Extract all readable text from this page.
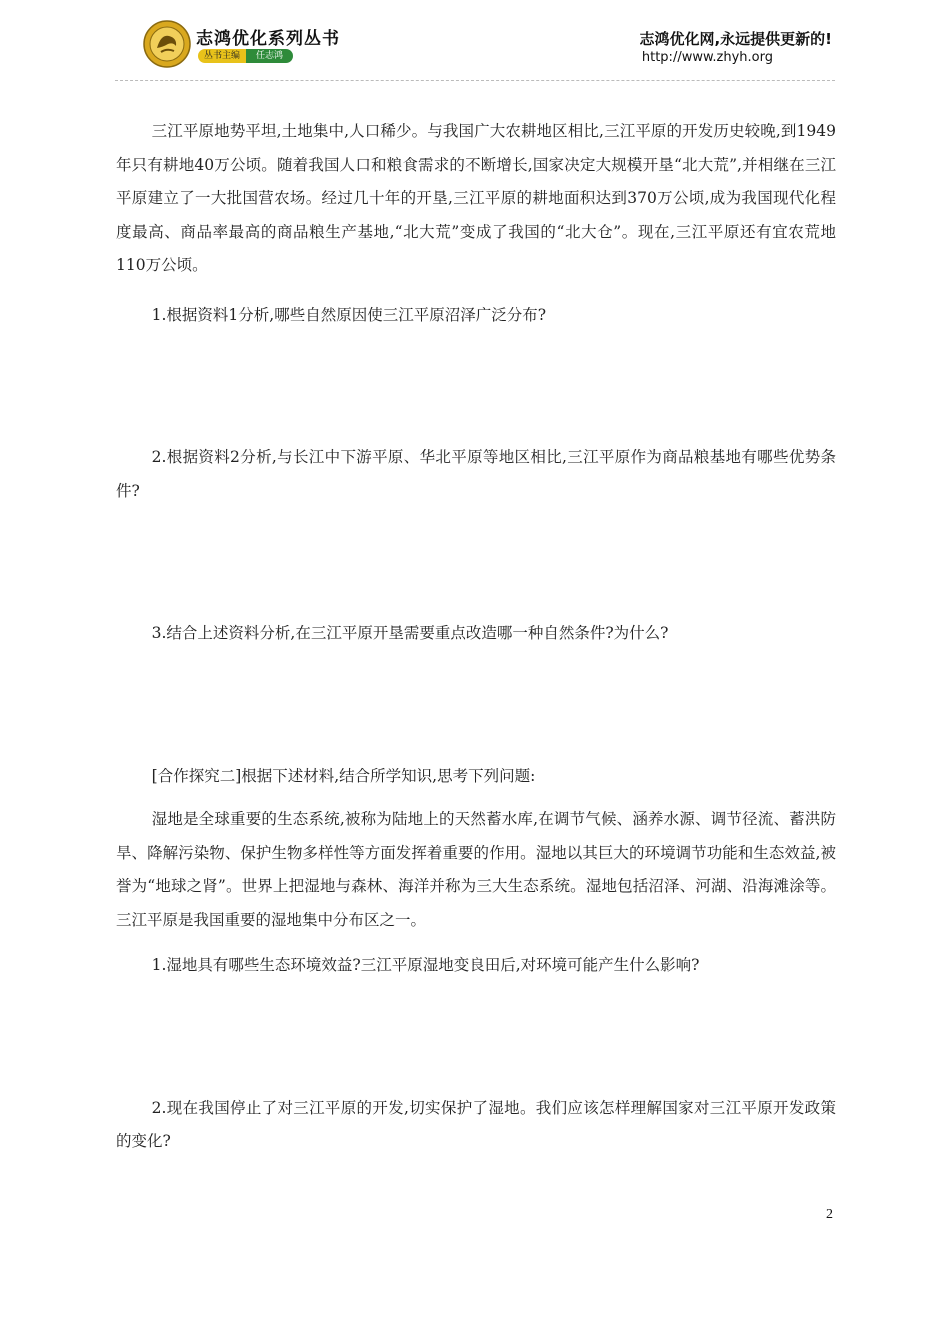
志鸿优化系列丛书
丛书主编 任志鸿
志鸿优化网,永远提供更新的!
http://www.zhyh.org

三江平原地势平坦,土地集中,人口稀少。与我国广大农耕地区相比,三江平原的开发历史较晚,到1949年只有耕地40万公顷。随着我国人口和粮食需求的不断增长,国家决定大规模开垦“北大荒”,并相继在三江平原建立了一大批国营农场。经过几十年的开垦,三江平原的耕地面积达到370万公顷,成为我国现代化程度最高、商品率最高的商品粮生产基地,“北大荒”变成了我国的“北大仓”。现在,三江平原还有宜农荒地110万公顷。

1.根据资料1分析,哪些自然原因使三江平原沼泽广泛分布?

2.根据资料2分析,与长江中下游平原、华北平原等地区相比,三江平原作为商品粮基地有哪些优势条件?

3.结合上述资料分析,在三江平原开垦需要重点改造哪一种自然条件?为什么?

[合作探究二]根据下述材料,结合所学知识,思考下列问题:

湿地是全球重要的生态系统,被称为陆地上的天然蓄水库,在调节气候、涵养水源、调节径流、蓄洪防旱、降解污染物、保护生物多样性等方面发挥着重要的作用。湿地以其巨大的环境调节功能和生态效益,被誉为“地球之肾”。世界上把湿地与森林、海洋并称为三大生态系统。湿地包括沼泽、河湖、沿海滩涂等。三江平原是我国重要的湿地集中分布区之一。

1.湿地具有哪些生态环境效益?三江平原湿地变良田后,对环境可能产生什么影响?

2.现在我国停止了对三江平原的开发,切实保护了湿地。我们应该怎样理解国家对三江平原开发政策的变化?

2
